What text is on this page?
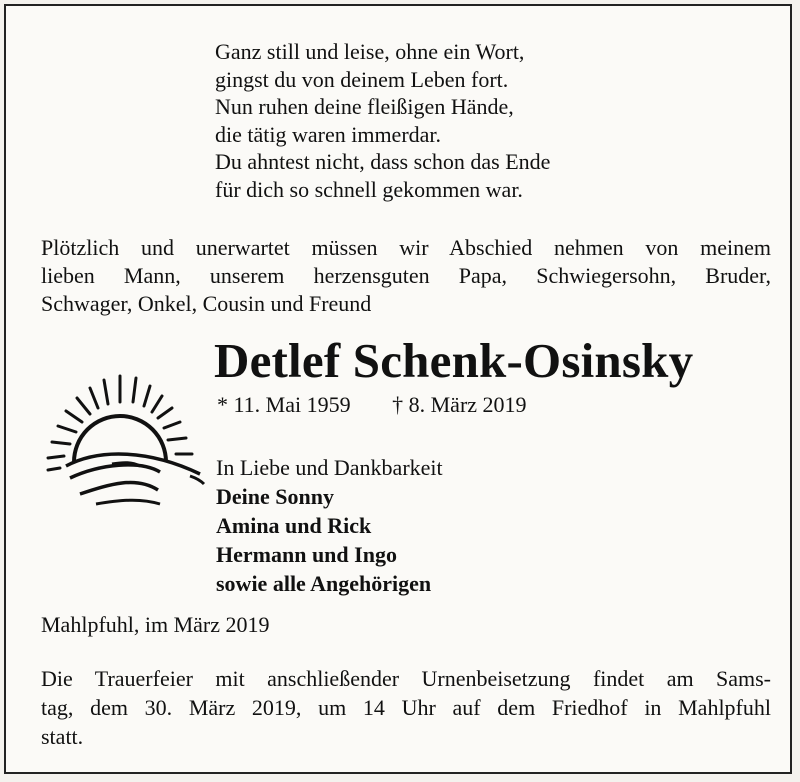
Ganz still und leise, ohne ein Wort,
gingst du von deinem Leben fort.
Nun ruhen deine fleißigen Hände,
die tätig waren immerdar.
Du ahntest nicht, dass schon das Ende
für dich so schnell gekommen war.
Plötzlich und unerwartet müssen wir Abschied nehmen von meinem
lieben Mann, unserem herzensguten Papa, Schwiegersohn, Bruder,
Schwager, Onkel, Cousin und Freund
Detlef Schenk-Osinsky
* 11. Mai 1959 † 8. März 2019
In Liebe und Dankbarkeit
Deine Sonny
Amina und Rick
Hermann und Ingo
sowie alle Angehörigen
Mahlpfuhl, im März 2019
Die Trauerfeier mit anschließender Urnenbeisetzung findet am Sams-
tag, dem 30. März 2019, um 14 Uhr auf dem Friedhof in Mahlpfuhl
statt.
